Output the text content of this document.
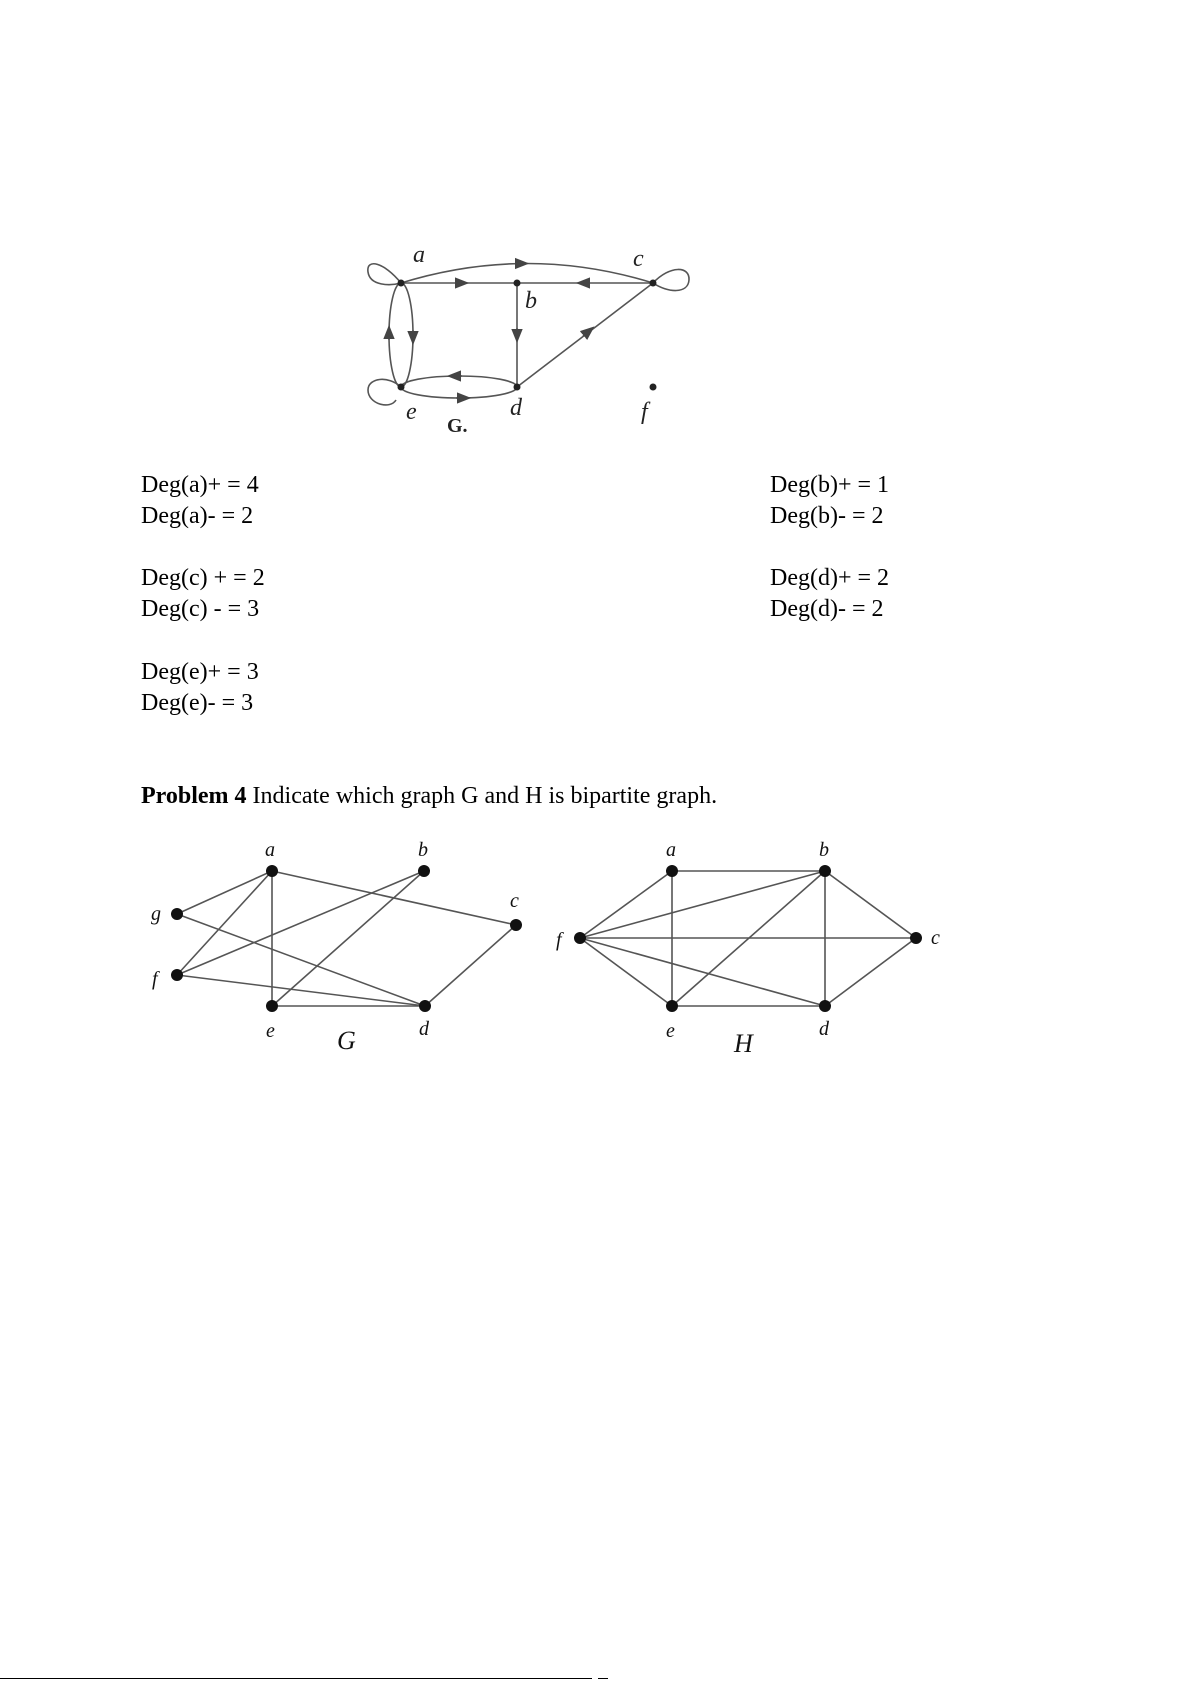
a
b
c
d
e	f
G.
Deg(a)+ = 4
Deg(a)- = 2
Deg(b)+ = 1
Deg(b)- = 2
Deg(c) + = 2
Deg(c) - = 3
Deg(d)+ = 2
Deg(d)- = 2
Deg(e)+ = 3
Deg(e)- = 3
Problem 4 Indicate which graph G and H is bipartite graph.
a	b
c
d
e
f
g
G
a	b
c
d
e
f
H
